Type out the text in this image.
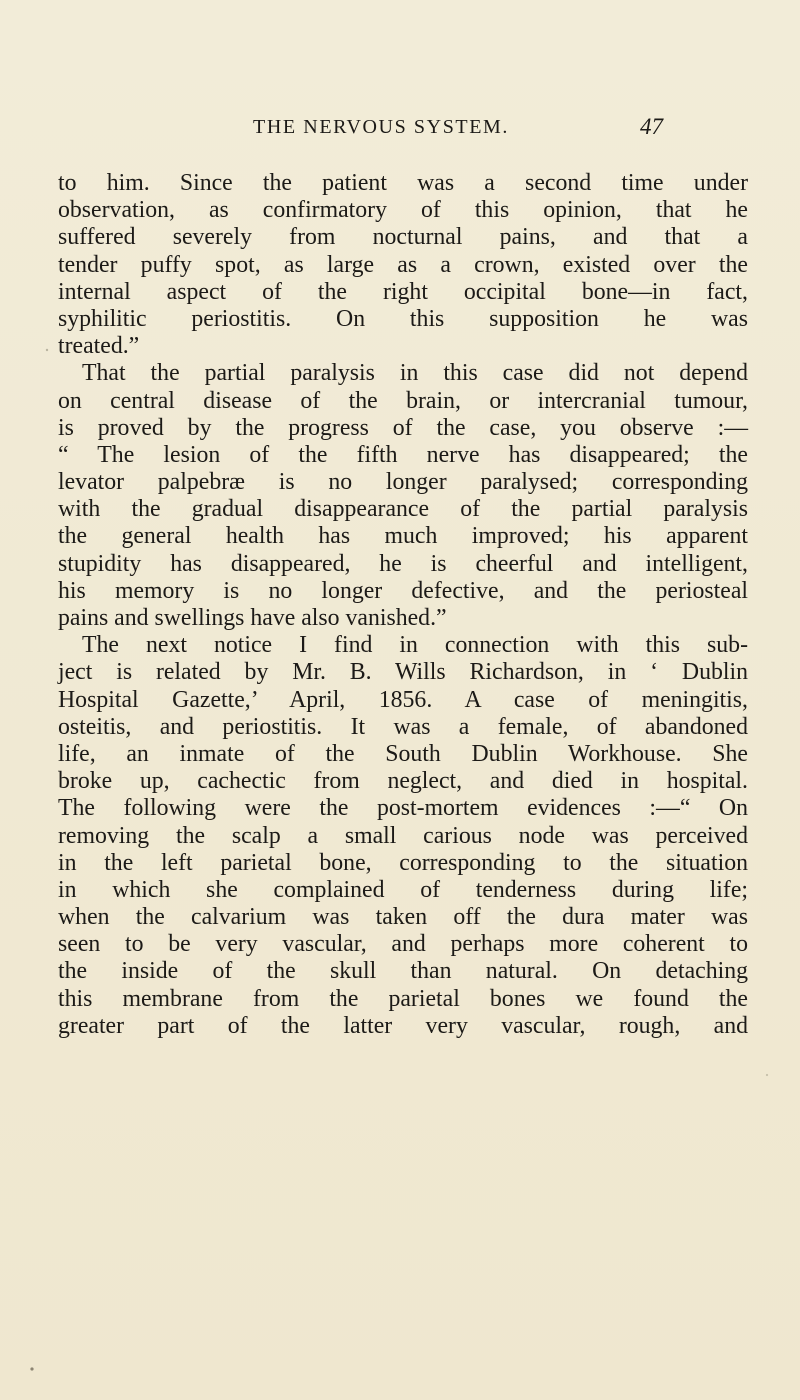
THE NERVOUS SYSTEM.	47
to him. Since the patient was a second time under
observation, as confirmatory of this opinion, that he
suffered severely from nocturnal pains, and that a
tender puffy spot, as large as a crown, existed over the
internal aspect of the right occipital bone—in fact,
syphilitic periostitis. On this supposition he was
treated.”
That the partial paralysis in this case did not depend
on central disease of the brain, or intercranial tumour,
is proved by the progress of the case, you observe :—
“ The lesion of the fifth nerve has disappeared; the
levator palpebræ is no longer paralysed; corresponding
with the gradual disappearance of the partial paralysis
the general health has much improved; his apparent
stupidity has disappeared, he is cheerful and intelligent,
his memory is no longer defective, and the periosteal
pains and swellings have also vanished.”
The next notice I find in connection with this sub-
ject is related by Mr. B. Wills Richardson, in ‘ Dublin
Hospital Gazette,’ April, 1856. A case of meningitis,
osteitis, and periostitis. It was a female, of abandoned
life, an inmate of the South Dublin Workhouse. She
broke up, cachectic from neglect, and died in hospital.
The following were the post-mortem evidences :—“ On
removing the scalp a small carious node was perceived
in the left parietal bone, corresponding to the situation
in which she complained of tenderness during life;
when the calvarium was taken off the dura mater was
seen to be very vascular, and perhaps more coherent to
the inside of the skull than natural. On detaching
this membrane from the parietal bones we found the
greater part of the latter very vascular, rough, and
